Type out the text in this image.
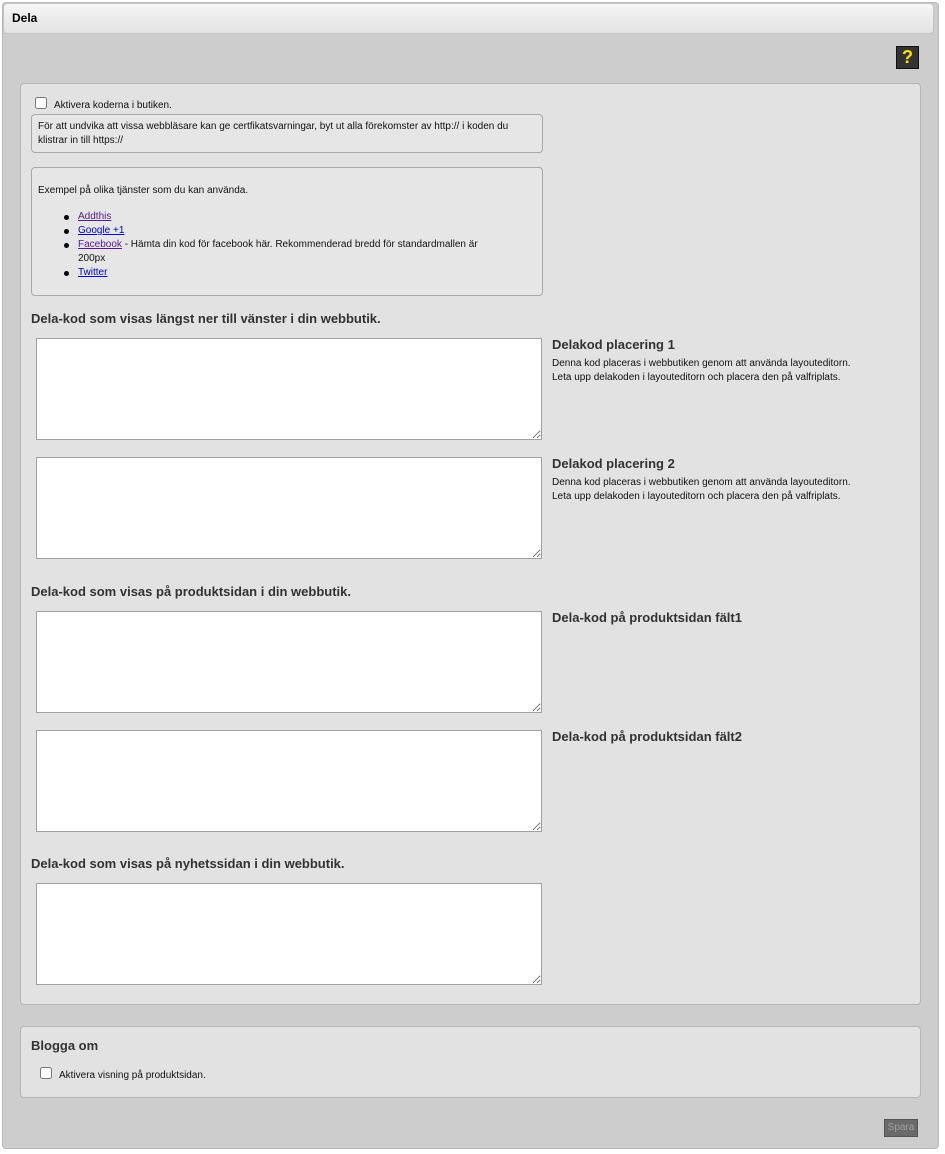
Dela
?
Aktivera koderna i butiken.
För att undvika att vissa webbläsare kan ge certfikatsvarningar, byt ut alla förekomster av http:// i koden du klistrar in till https://
Exempel på olika tjänster som du kan använda.
Addthis
Google +1
Facebook - Hämta din kod för facebook här. Rekommenderad bredd för standardmallen är 200px
Twitter
Dela-kod som visas längst ner till vänster i din webbutik.
Delakod placering 1
Denna kod placeras i webbutiken genom att använda layouteditorn. Leta upp delakoden i layouteditorn och placera den på valfriplats.
Delakod placering 2
Denna kod placeras i webbutiken genom att använda layouteditorn. Leta upp delakoden i layouteditorn och placera den på valfriplats.
Dela-kod som visas på produktsidan i din webbutik.
Dela-kod på produktsidan fält1
Dela-kod på produktsidan fält2
Dela-kod som visas på nyhetssidan i din webbutik.
Blogga om
Aktivera visning på produktsidan.
Spara
